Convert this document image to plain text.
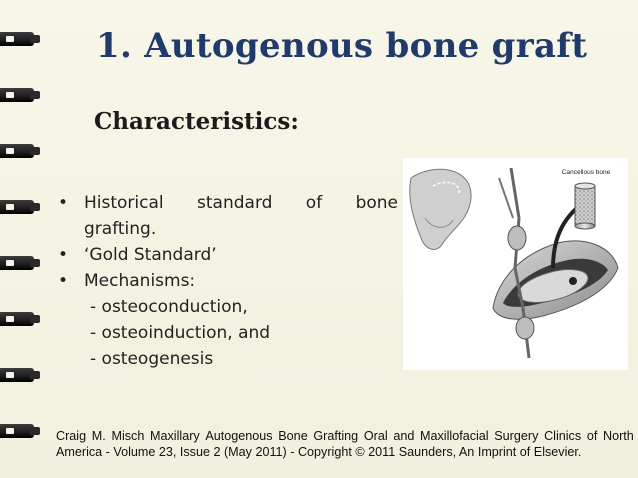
1. Autogenous bone graft
Characteristics:
• Historical standard of bone
grafting.
• ‘Gold Standard’
• Mechanisms:
- osteoconduction,
- osteoinduction, and
- osteogenesis
Cancellous bone
Craig M. Misch Maxillary Autogenous Bone Grafting Oral and Maxillofacial Surgery Clinics of North
America - Volume 23, Issue 2 (May 2011) - Copyright © 2011 Saunders, An Imprint of Elsevier.
